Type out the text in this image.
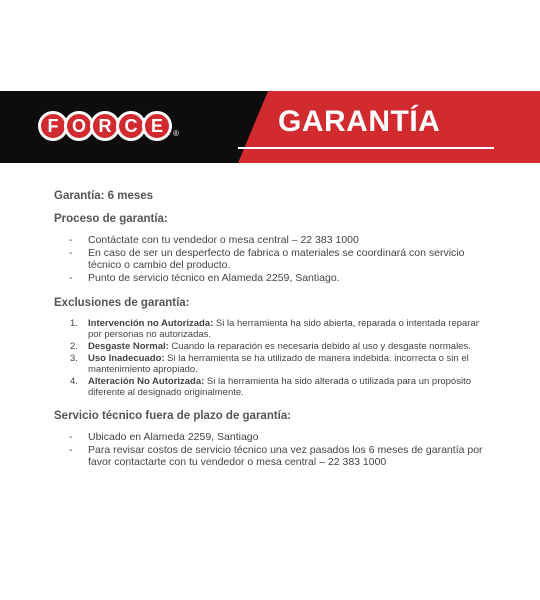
F O R C E	®	GARANTÍA

Garantía: 6 meses

Proceso de garantía:

- Contáctate con tu vendedor o mesa central – 22 383 1000
- En caso de ser un desperfecto de fabrica o materiales se coordinará con servicio técnico o cambio del producto.
- Punto de servicio técnico en Alameda 2259, Santiago.

Exclusiones de garantía:

1. Intervención no Autorizada: Si la herramienta ha sido abierta, reparada o intentada reparar por personas no autorizadas.
2. Desgaste Normal: Cuando la reparación es necesaria debido al uso y desgaste normales.
3. Uso Inadecuado: Si la herramienta se ha utilizado de manera indebida. incorrecta o sin el mantenimiento apropiado.
4. Alteración No Autorizada: Si la herramienta ha sido alterada o utilizada para un propósito diferente al designado originalmente.

Servicio técnico fuera de plazo de garantía:

- Ubicado en Alameda 2259, Santiago
- Para revisar costos de servicio técnico una vez pasados los 6 meses de garantía por favor contactarte con tu vendedor o mesa central – 22 383 1000
